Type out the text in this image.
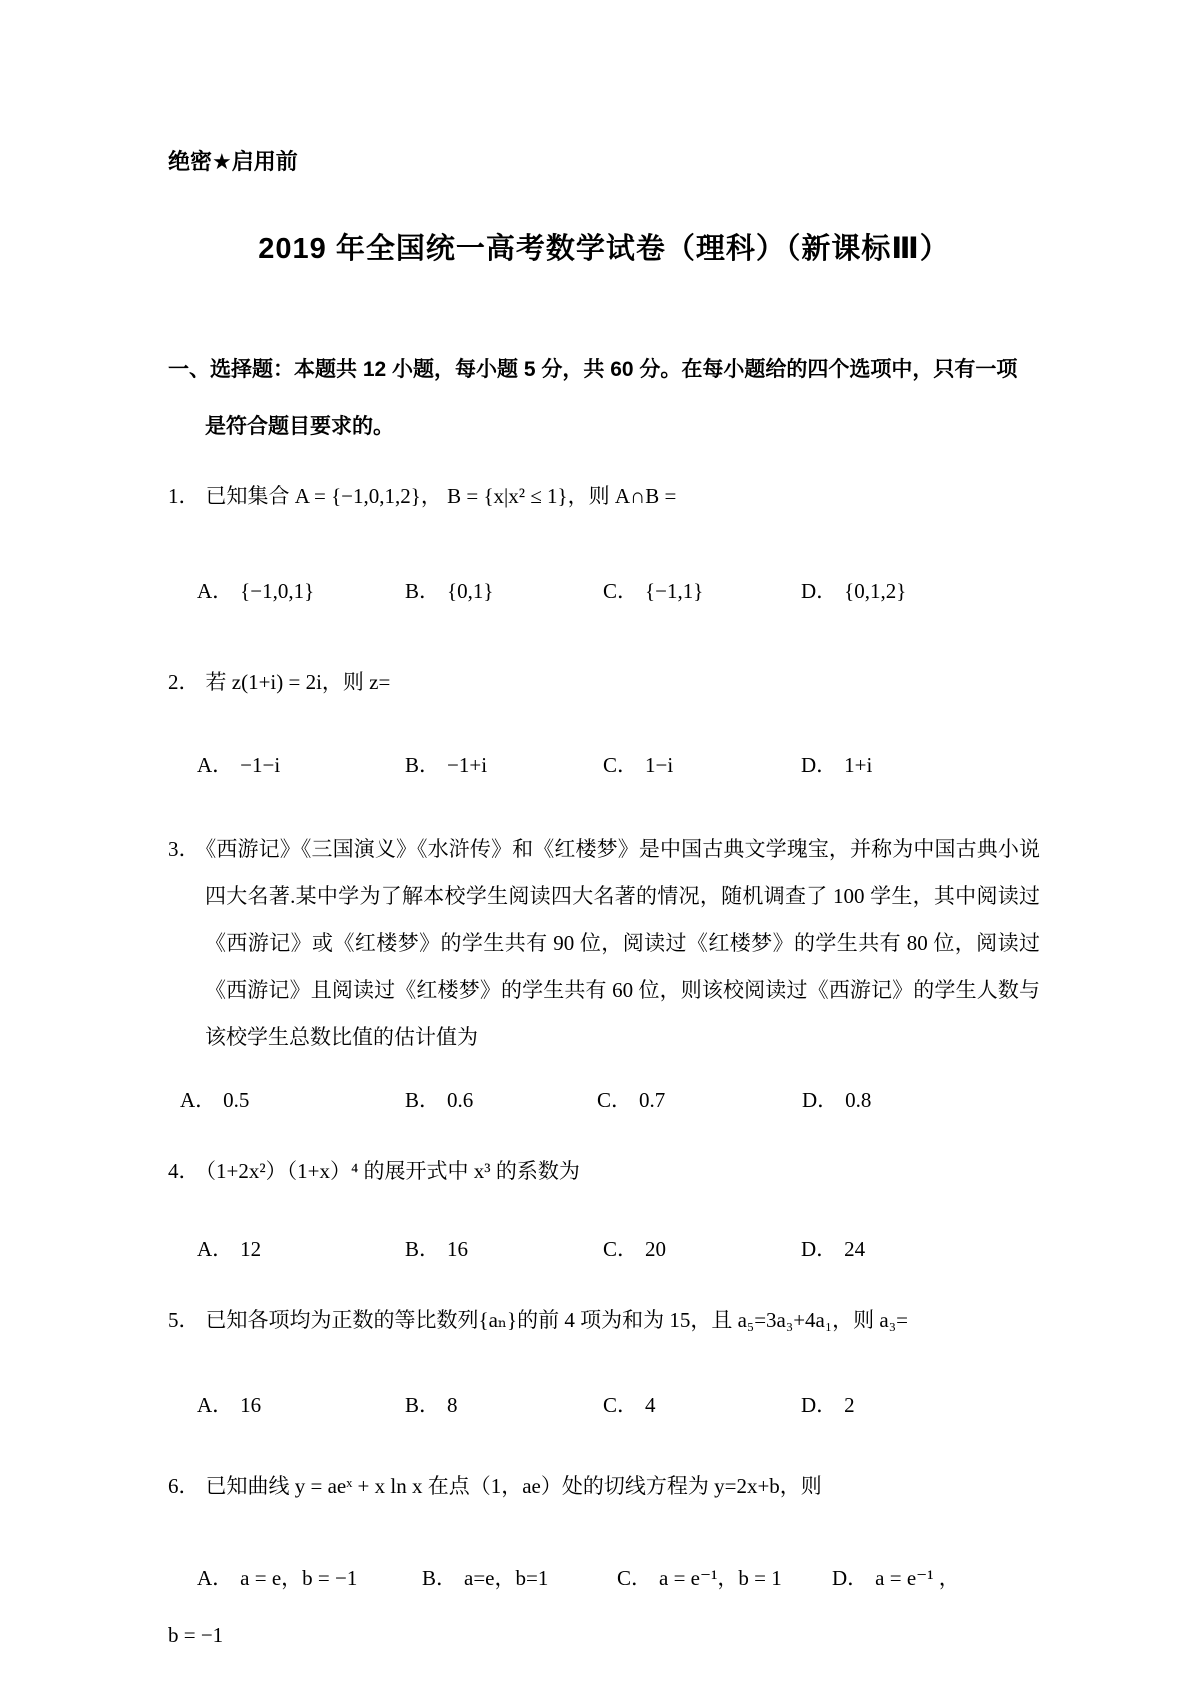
绝密★启用前
2019 年全国统一高考数学试卷（理科）（新课标Ⅲ）
一、选择题：本题共 12 小题，每小题 5 分，共 60 分。在每小题给的四个选项中，只有一项
是符合题目要求的。

1． 已知集合 A = {−1,0,1,2}， B = {x|x² ≤ 1}，则 A∩B =

A． {−1,0,1}	B． {0,1}	C． {−1,1}	D． {0,1,2}

2． 若 z(1+i) = 2i，则 z=

A． −1−i	B． −1+i	C． 1−i	D． 1+i

3． 《西游记》《三国演义》《水浒传》和《红楼梦》是中国古典文学瑰宝，并称为中国古典小说四大名著.某中学为了解本校学生阅读四大名著的情况，随机调查了 100 学生，其中阅读过《西游记》或《红楼梦》的学生共有 90 位，阅读过《红楼梦》的学生共有 80 位，阅读过《西游记》且阅读过《红楼梦》的学生共有 60 位，则该校阅读过《西游记》的学生人数与该校学生总数比值的估计值为

A． 0.5	B． 0.6	C． 0.7	D． 0.8

4． （1+2x²）（1+x）⁴ 的展开式中 x³ 的系数为

A． 12	B． 16	C． 20	D． 24

5． 已知各项均为正数的等比数列{aₙ}的前 4 项为和为 15，且 a₅=3a₃+4a₁，则 a₃=

A． 16	B． 8	C． 4	D． 2

6． 已知曲线 y = aeˣ + x ln x 在点（1，ae）处的切线方程为 y=2x+b，则

A． a = e，b = −1	B． a=e，b=1	C． a = e⁻¹，b = 1	D． a = e⁻¹ ，

b = −1
